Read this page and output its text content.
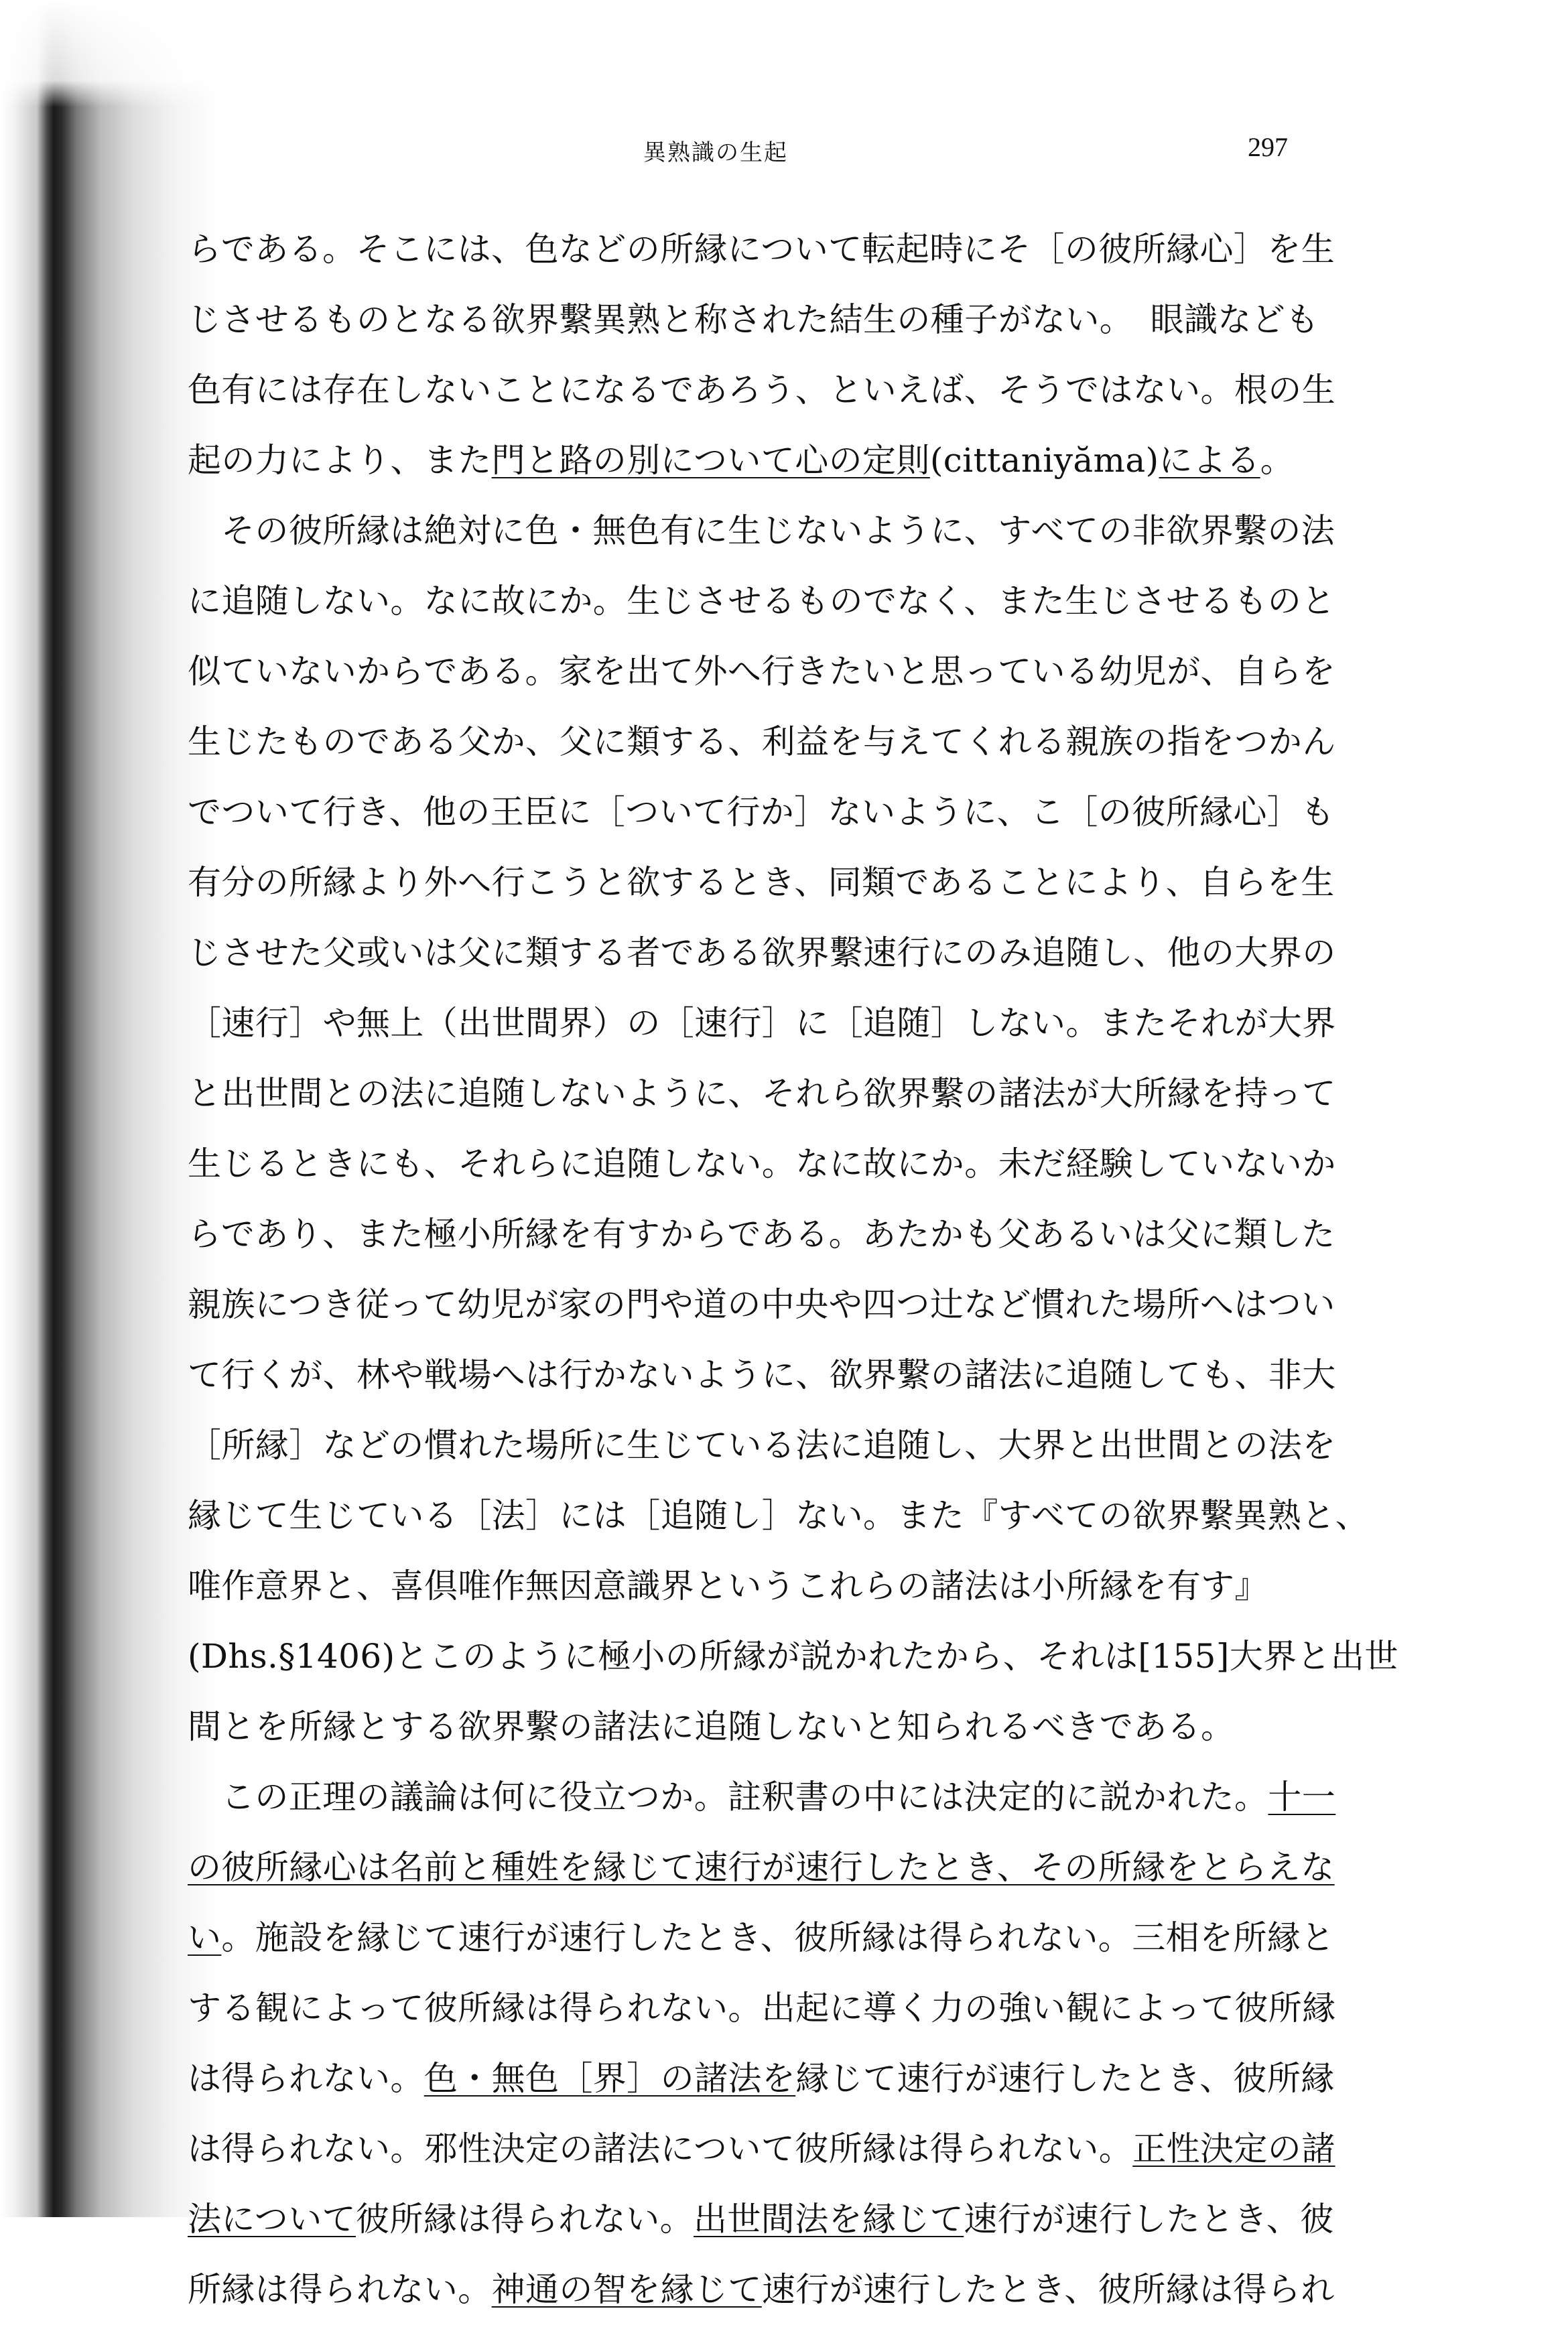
異熟識の生起	297
らである。そこには、色などの所縁について転起時にそ［の彼所縁心］を生
じさせるものとなる欲界繫異熟と称された結生の種子がない。　眼識なども
色有には存在しないことになるであろう、といえば、そうではない。根の生
起の力により、また門と路の別について心の定則(cittaniyăma)による。
その彼所縁は絶対に色・無色有に生じないように、すべての非欲界繫の法
に追随しない。なに故にか。生じさせるものでなく、また生じさせるものと
似ていないからである。家を出て外へ行きたいと思っている幼児が、自らを
生じたものである父か、父に類する、利益を与えてくれる親族の指をつかん
でついて行き、他の王臣に［ついて行か］ないように、こ［の彼所縁心］も
有分の所縁より外へ行こうと欲するとき、同類であることにより、自らを生
じさせた父或いは父に類する者である欲界繫速行にのみ追随し、他の大界の
［速行］や無上（出世間界）の［速行］に［追随］しない。またそれが大界
と出世間との法に追随しないように、それら欲界繫の諸法が大所縁を持って
生じるときにも、それらに追随しない。なに故にか。未だ経験していないか
らであり、また極小所縁を有すからである。あたかも父あるいは父に類した
親族につき従って幼児が家の門や道の中央や四つ辻など慣れた場所へはつい
て行くが、林や戦場へは行かないように、欲界繫の諸法に追随しても、非大
［所縁］などの慣れた場所に生じている法に追随し、大界と出世間との法を
縁じて生じている［法］には［追随し］ない。また『すべての欲界繫異熟と、
唯作意界と、喜倶唯作無因意識界というこれらの諸法は小所縁を有す』
(Dhs.§1406)とこのように極小の所縁が説かれたから、それは[155]大界と出世
間とを所縁とする欲界繫の諸法に追随しないと知られるべきである。
この正理の議論は何に役立つか。註釈書の中には決定的に説かれた。十一
の彼所縁心は名前と種姓を縁じて速行が速行したとき、その所縁をとらえな
い。施設を縁じて速行が速行したとき、彼所縁は得られない。三相を所縁と
する観によって彼所縁は得られない。出起に導く力の強い観によって彼所縁
は得られない。色・無色［界］の諸法を縁じて速行が速行したとき、彼所縁
は得られない。邪性決定の諸法について彼所縁は得られない。正性決定の諸
法について彼所縁は得られない。出世間法を縁じて速行が速行したとき、彼
所縁は得られない。神通の智を縁じて速行が速行したとき、彼所縁は得られ
